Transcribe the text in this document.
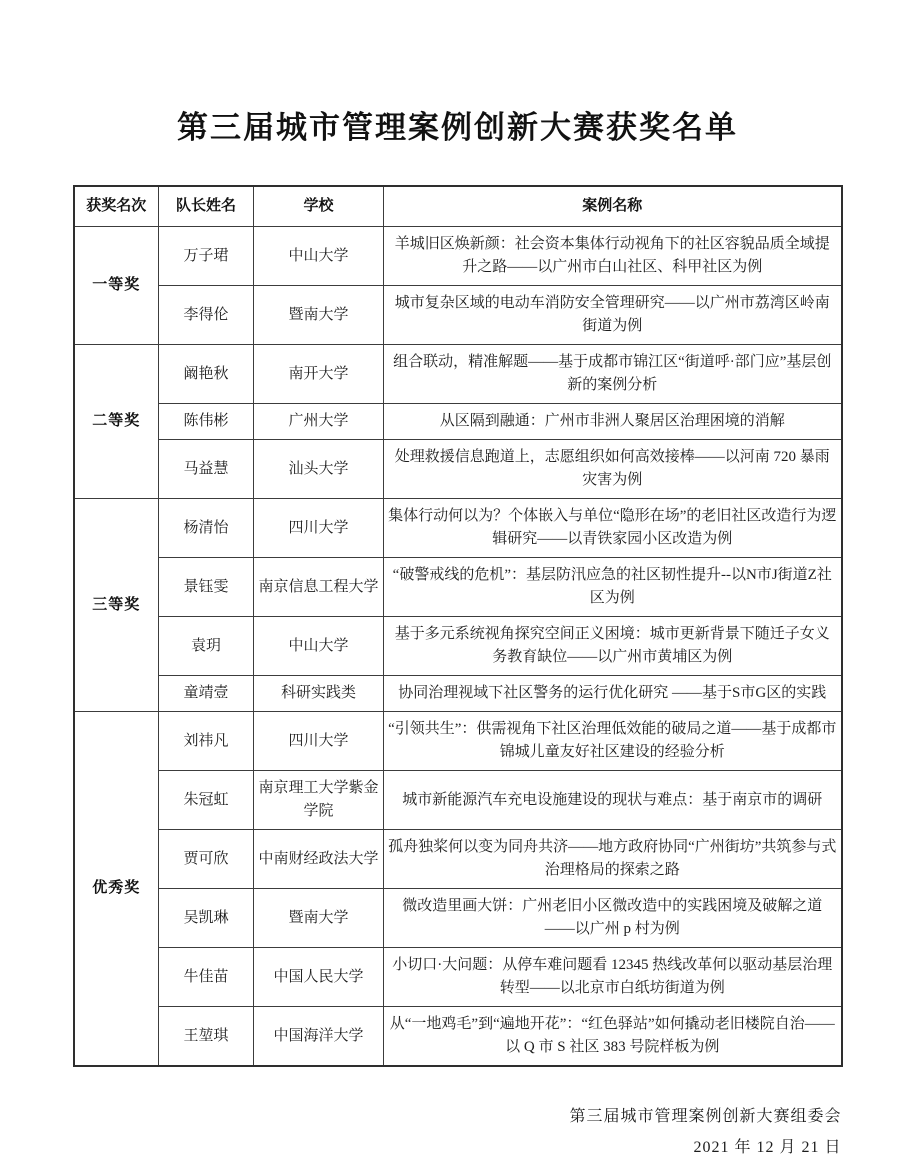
第三届城市管理案例创新大赛获奖名单
获奖名次	队长姓名	学校	案例名称
一等奖	万子珺	中山大学	羊城旧区焕新颜：社会资本集体行动视角下的社区容貌品质全域提升之路——以广州市白山社区、科甲社区为例
	李得伦	暨南大学	城市复杂区域的电动车消防安全管理研究——以广州市荔湾区岭南街道为例
二等奖	阚艳秋	南开大学	组合联动，精准解题——基于成都市锦江区“街道呼·部门应”基层创新的案例分析
	陈伟彬	广州大学	从区隔到融通：广州市非洲人聚居区治理困境的消解
	马益慧	汕头大学	处理救援信息跑道上，志愿组织如何高效接棒——以河南 720 暴雨灾害为例
三等奖	杨清怡	四川大学	集体行动何以为？个体嵌入与单位“隐形在场”的老旧社区改造行为逻辑研究——以青铁家园小区改造为例
	景钰雯	南京信息工程大学	“破警戒线的危机”：基层防汛应急的社区韧性提升--以N市J街道Z社区为例
	袁玥	中山大学	基于多元系统视角探究空间正义困境：城市更新背景下随迁子女义务教育缺位——以广州市黄埔区为例
	童靖壹	科研实践类	协同治理视域下社区警务的运行优化研究 ——基于S市G区的实践
优秀奖	刘祎凡	四川大学	“引领共生”：供需视角下社区治理低效能的破局之道——基于成都市锦城儿童友好社区建设的经验分析
	朱冠虹	南京理工大学紫金学院	城市新能源汽车充电设施建设的现状与难点：基于南京市的调研
	贾可欣	中南财经政法大学	孤舟独桨何以变为同舟共济——地方政府协同“广州街坊”共筑参与式治理格局的探索之路
	吴凯琳	暨南大学	微改造里画大饼：广州老旧小区微改造中的实践困境及破解之道——以广州 p 村为例
	牛佳苗	中国人民大学	小切口·大问题：从停车难问题看 12345 热线改革何以驱动基层治理转型——以北京市白纸坊街道为例
	王堃琪	中国海洋大学	从“一地鸡毛”到“遍地开花”：“红色驿站”如何撬动老旧楼院自治——以 Q 市 S 社区 383 号院样板为例
第三届城市管理案例创新大赛组委会
2021 年 12 月 21 日
